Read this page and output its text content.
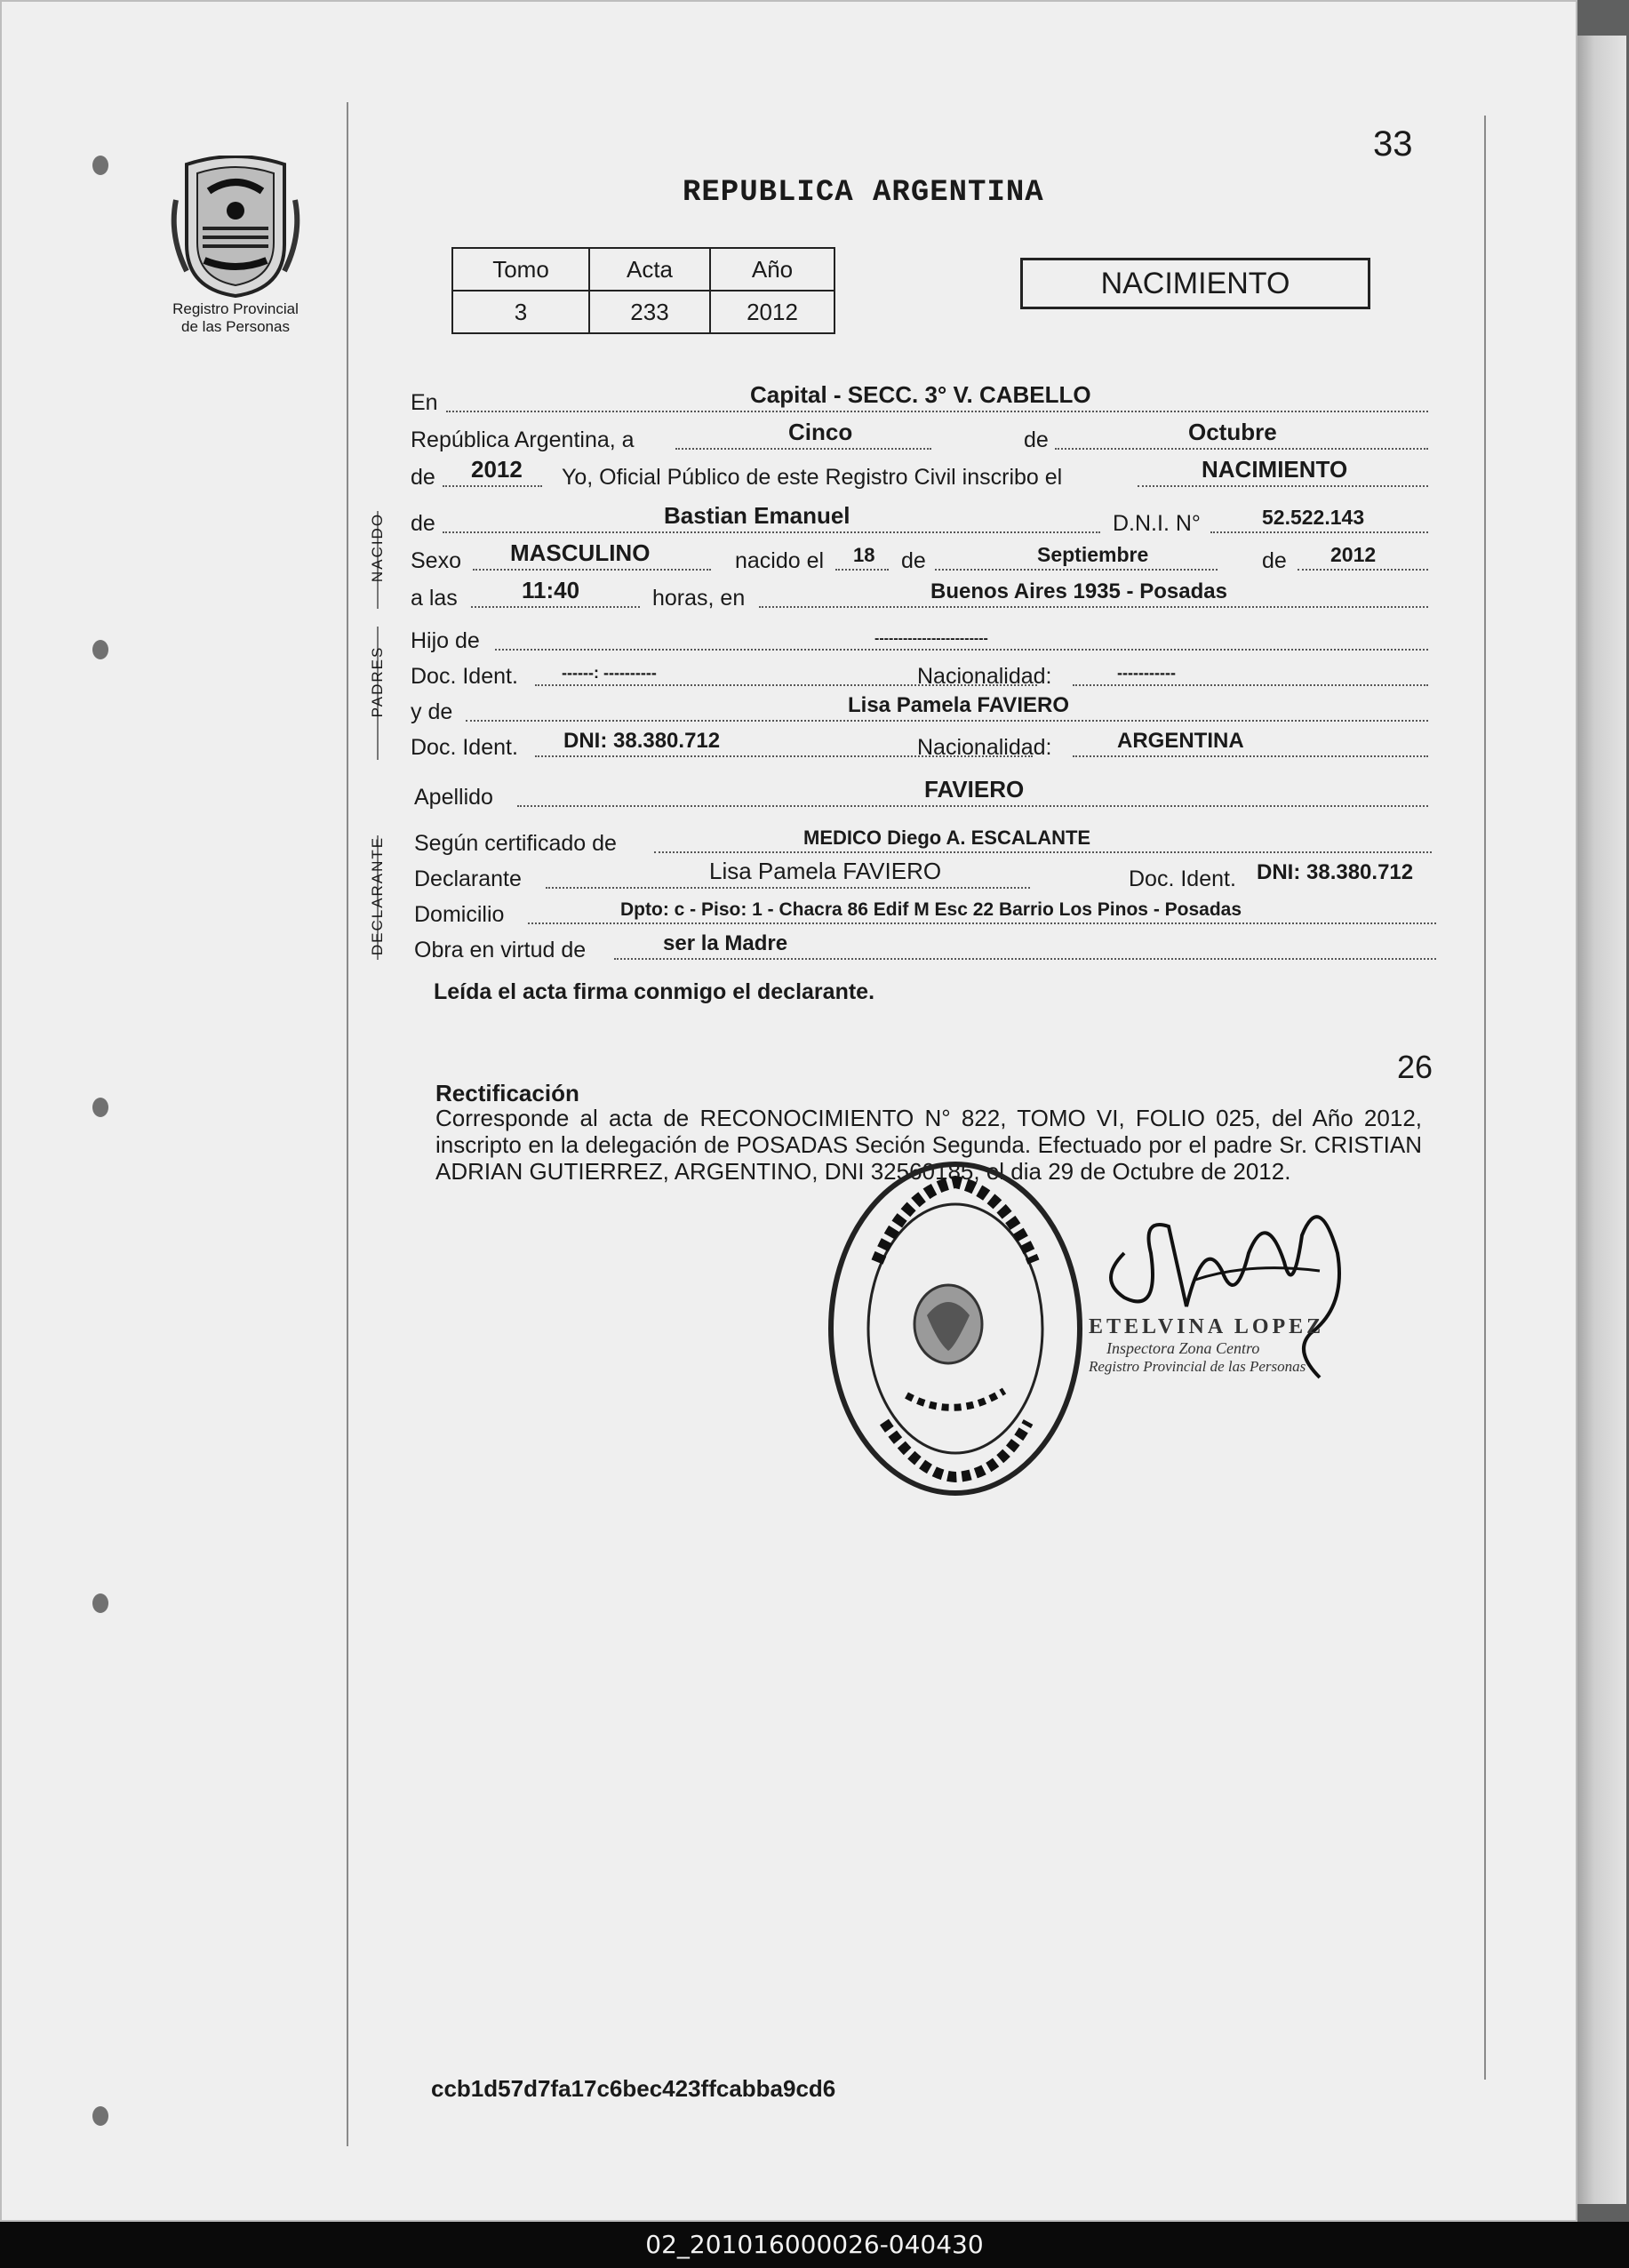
Registro Provincial
de las Personas
33
REPUBLICA ARGENTINA
Tomo	Acta	Año
3	233	2012
NACIMIENTO
En	Capital - SECC. 3° V. CABELLO
República Argentina, a	Cinco	de	Octubre
de 2012 Yo, Oficial Público de este Registro Civil inscribo el	NACIMIENTO
NACIDO de	Bastian Emanuel	D.N.I. N°	52.522.143
Sexo MASCULINO	nacido el 18 de	Septiembre	de 2012
a las	11:40	horas, en	Buenos Aires 1935 - Posadas
PADRES
Hijo de	------------------------
Doc. Ident.	------: ----------	Nacionalidad:	-----------
y de	Lisa Pamela FAVIERO
Doc. Ident. DNI: 38.380.712	Nacionalidad:	ARGENTINA
Apellido	FAVIERO
DECLARANTE Según certificado de	MEDICO Diego A. ESCALANTE
Declarante	Lisa Pamela FAVIERO	Doc. Ident. DNI: 38.380.712
Domicilio	Dpto: c - Piso: 1 - Chacra 86 Edif M Esc 22 Barrio Los Pinos - Posadas
Obra en virtud de	ser la Madre
Leída el acta firma conmigo el declarante.
26
Rectificación
Corresponde al acta de RECONOCIMIENTO N° 822, TOMO VI, FOLIO 025, del Año 2012, inscripto en la delegación de POSADAS Seción Segunda. Efectuado por el padre Sr. CRISTIAN ADRIAN GUTIERREZ, ARGENTINO, DNI 32560185, el dia 29 de Octubre de 2012.
ETELVINA LOPEZ
Inspectora Zona Centro
Registro Provincial de las Personas
ccb1d57d7fa17c6bec423ffcabba9cd6
02_201016000026-040430
